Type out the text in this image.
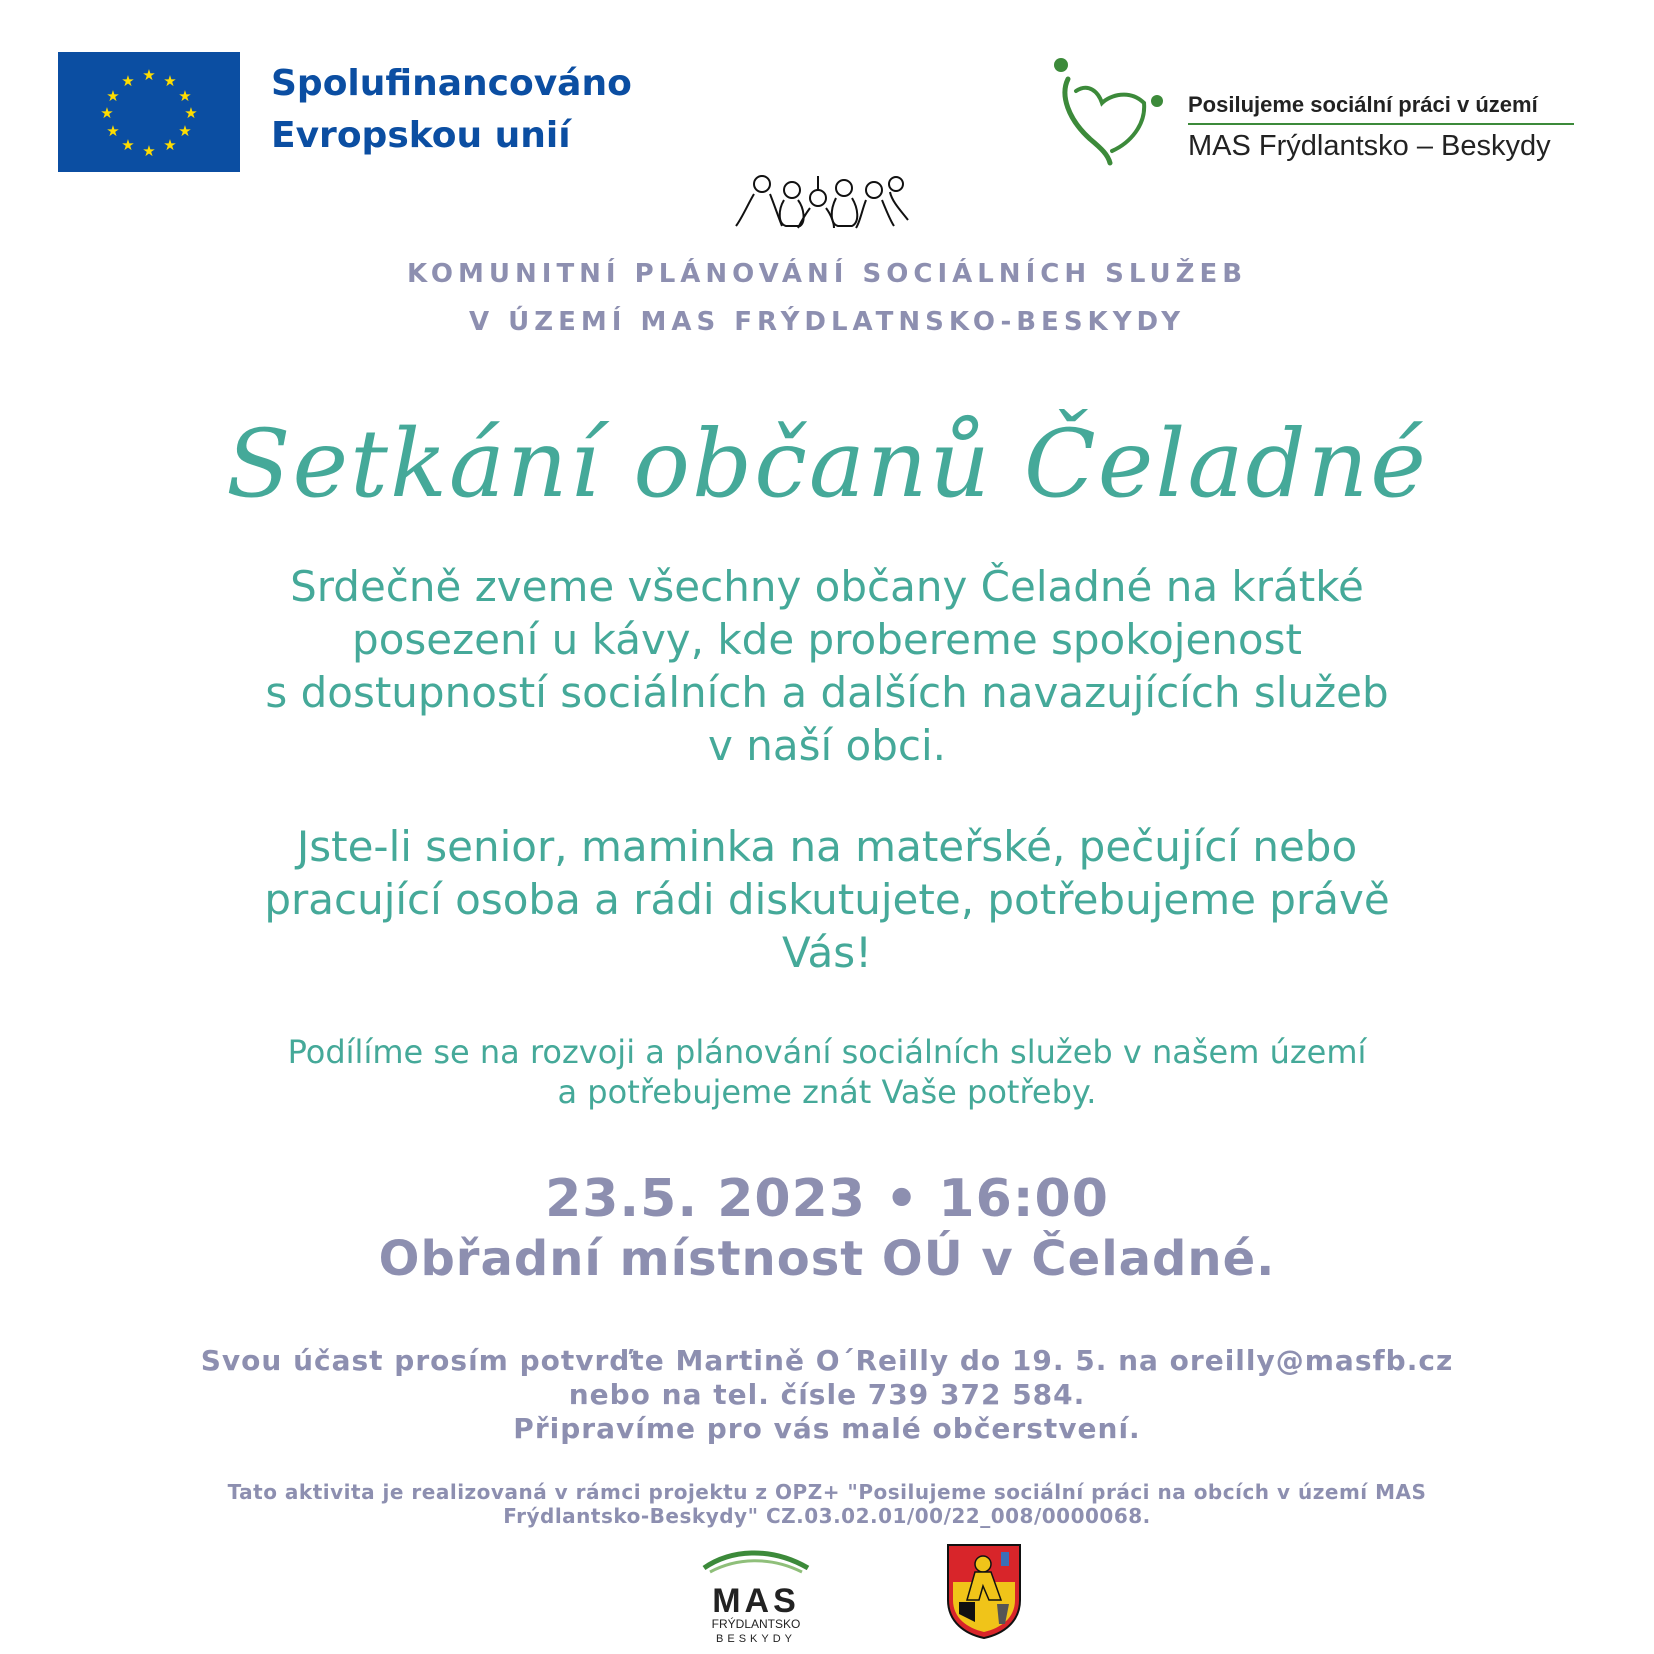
★ ★
★
★
★
★
★
★
★
★
★
★	Spolufinancováno
Evropskou unií
Posilujeme sociální práci v území
MAS Frýdlantsko – Beskydy
KOMUNITNÍ PLÁNOVÁNÍ SOCIÁLNÍCH SLUŽEB
V ÚZEMÍ MAS FRÝDLATNSKO-BESKYDY
Setkání občanů Čeladné
Srdečně zveme všechny občany Čeladné na krátké
posezení u kávy, kde probereme spokojenost
s dostupností sociálních a dalších navazujících služeb
v naší obci.
Jste-li senior, maminka na mateřské, pečující nebo
pracující osoba a rádi diskutujete, potřebujeme právě
Vás!
Podílíme se na rozvoji a plánování sociálních služeb v našem území
a potřebujeme znát Vaše potřeby.
23.5. 2023 • 16:00
Obřadní místnost OÚ v Čeladné.
Svou účast prosím potvrďte Martině O´Reilly do 19. 5. na oreilly@masfb.cz
nebo na tel. čísle 739 372 584.
Připravíme pro vás malé občerstvení.
Tato aktivita je realizovaná v rámci projektu z OPZ+ "Posilujeme sociální práci na obcích v území MAS
Frýdlantsko-Beskydy" CZ.03.02.01/00/22_008/0000068.
MAS
FRÝDLANTSKO
BESKYDY
